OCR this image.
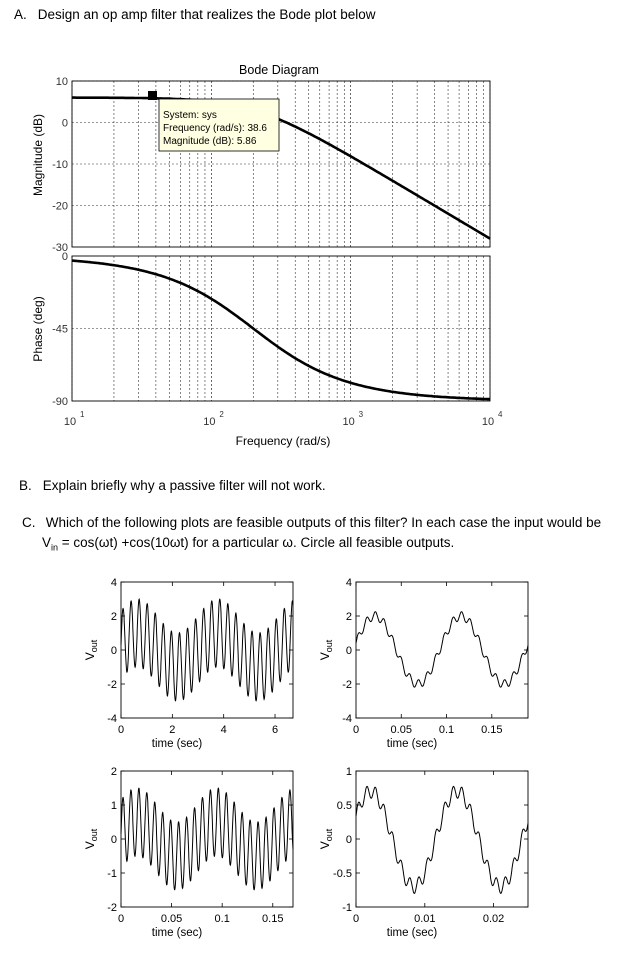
A. Design an op amp filter that realizes the Bode plot below
B. Explain briefly why a passive filter will not work.
C. Which of the following plots are feasible outputs of this filter? In each case the input would be
$V_{in} = \cos(\omega t) +\cos(10\omega t)$ for a particular ω. Circle all feasible outputs.
Bode Diagram
Frequency (rad/s)
Magnitude (dB)
Phase (deg)
10
0
-10
-20
-30
0
-45
-90
10
1
10
2
10
3
10
4
System: sys
Frequency (rad/s): 38.6
Magnitude (dB): 5.86
4
2
0
-2
-4
0	2	4	6
time (sec)
$V_{out}$
4
2
0
-2
-4
0	0.05 0.1 0.15
time (sec)
$V_{out}$
2
1
0
-1
-2
0	0.05	0.1	0.15
time (sec)
$V_{out}$
1
0.5
0
-0.5
-1
0	0.01	0.02
time (sec)
$V_{out}$
